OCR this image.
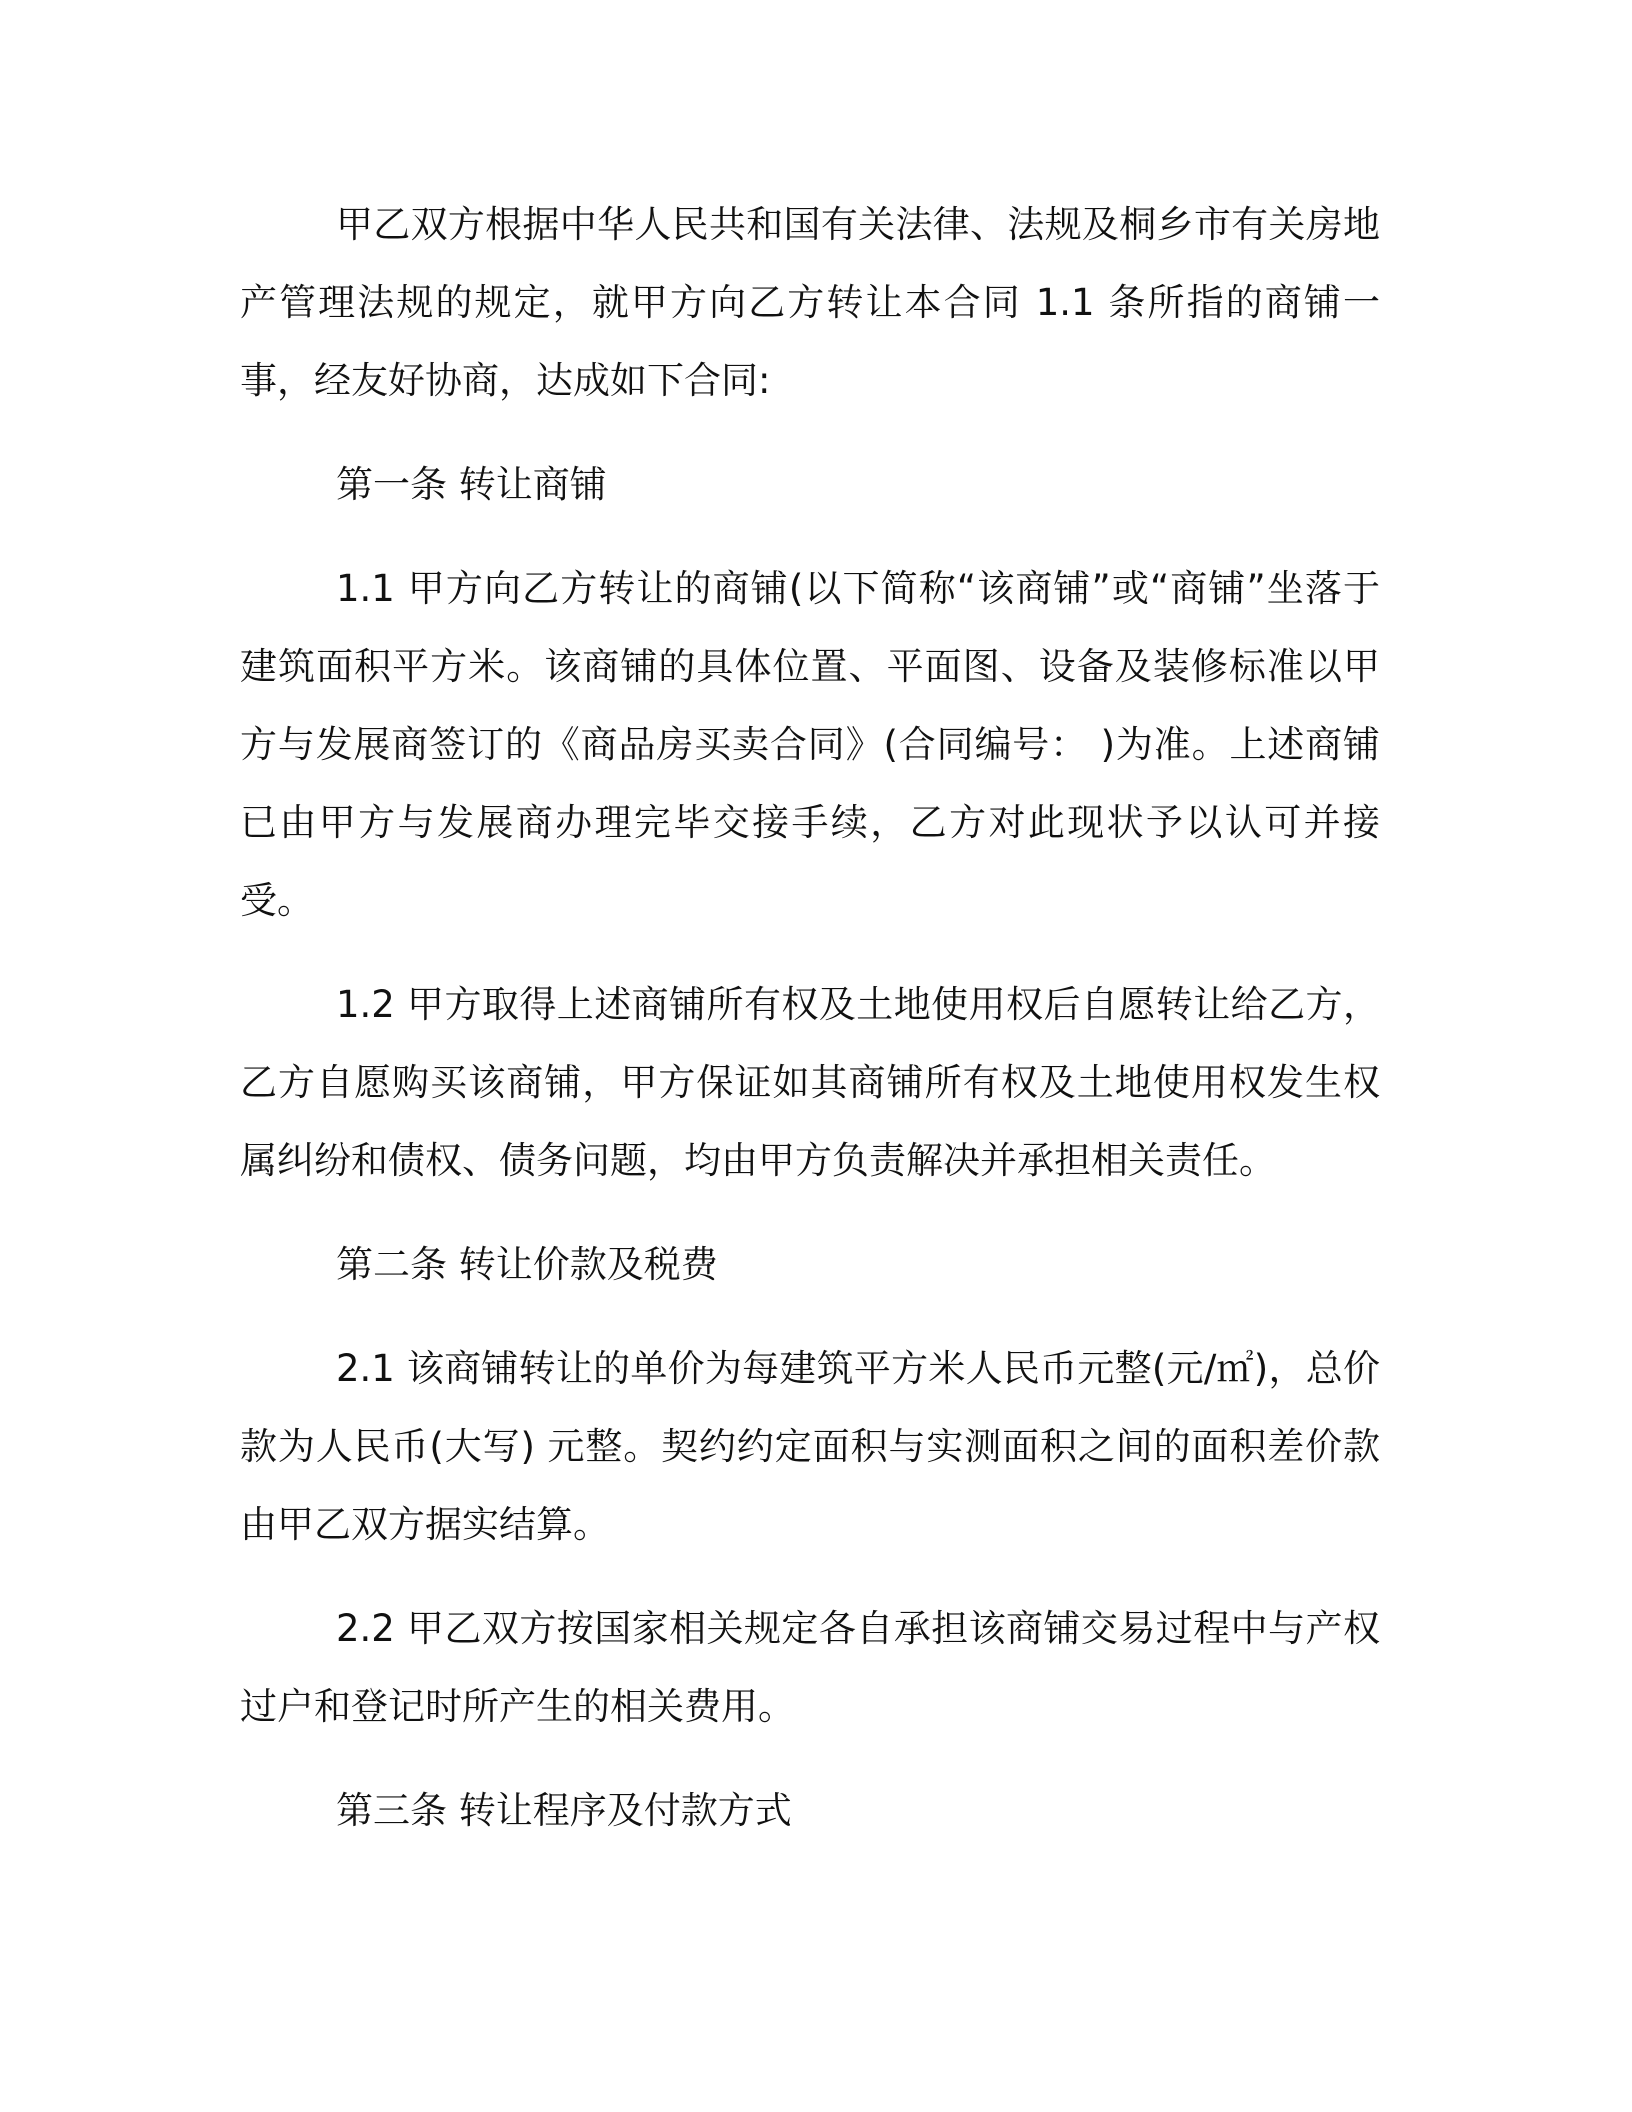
甲乙双方根据中华人民共和国有关法律、法规及桐乡市有关房地产管理法规的规定，就甲方向乙方转让本合同 1.1 条所指的商铺一事，经友好协商，达成如下合同:

第一条 转让商铺

1.1 甲方向乙方转让的商铺(以下简称“该商铺”或“商铺”坐落于建筑面积平方米。该商铺的具体位置、平面图、设备及装修标准以甲方与发展商签订的《商品房买卖合同》(合同编号： )为准。上述商铺已由甲方与发展商办理完毕交接手续，乙方对此现状予以认可并接受。

1.2 甲方取得上述商铺所有权及土地使用权后自愿转让给乙方，乙方自愿购买该商铺，甲方保证如其商铺所有权及土地使用权发生权属纠纷和债权、债务问题，均由甲方负责解决并承担相关责任。

第二条 转让价款及税费

2.1 该商铺转让的单价为每建筑平方米人民币元整(元/㎡)，总价款为人民币(大写) 元整。契约约定面积与实测面积之间的面积差价款由甲乙双方据实结算。

2.2 甲乙双方按国家相关规定各自承担该商铺交易过程中与产权过户和登记时所产生的相关费用。

第三条 转让程序及付款方式
